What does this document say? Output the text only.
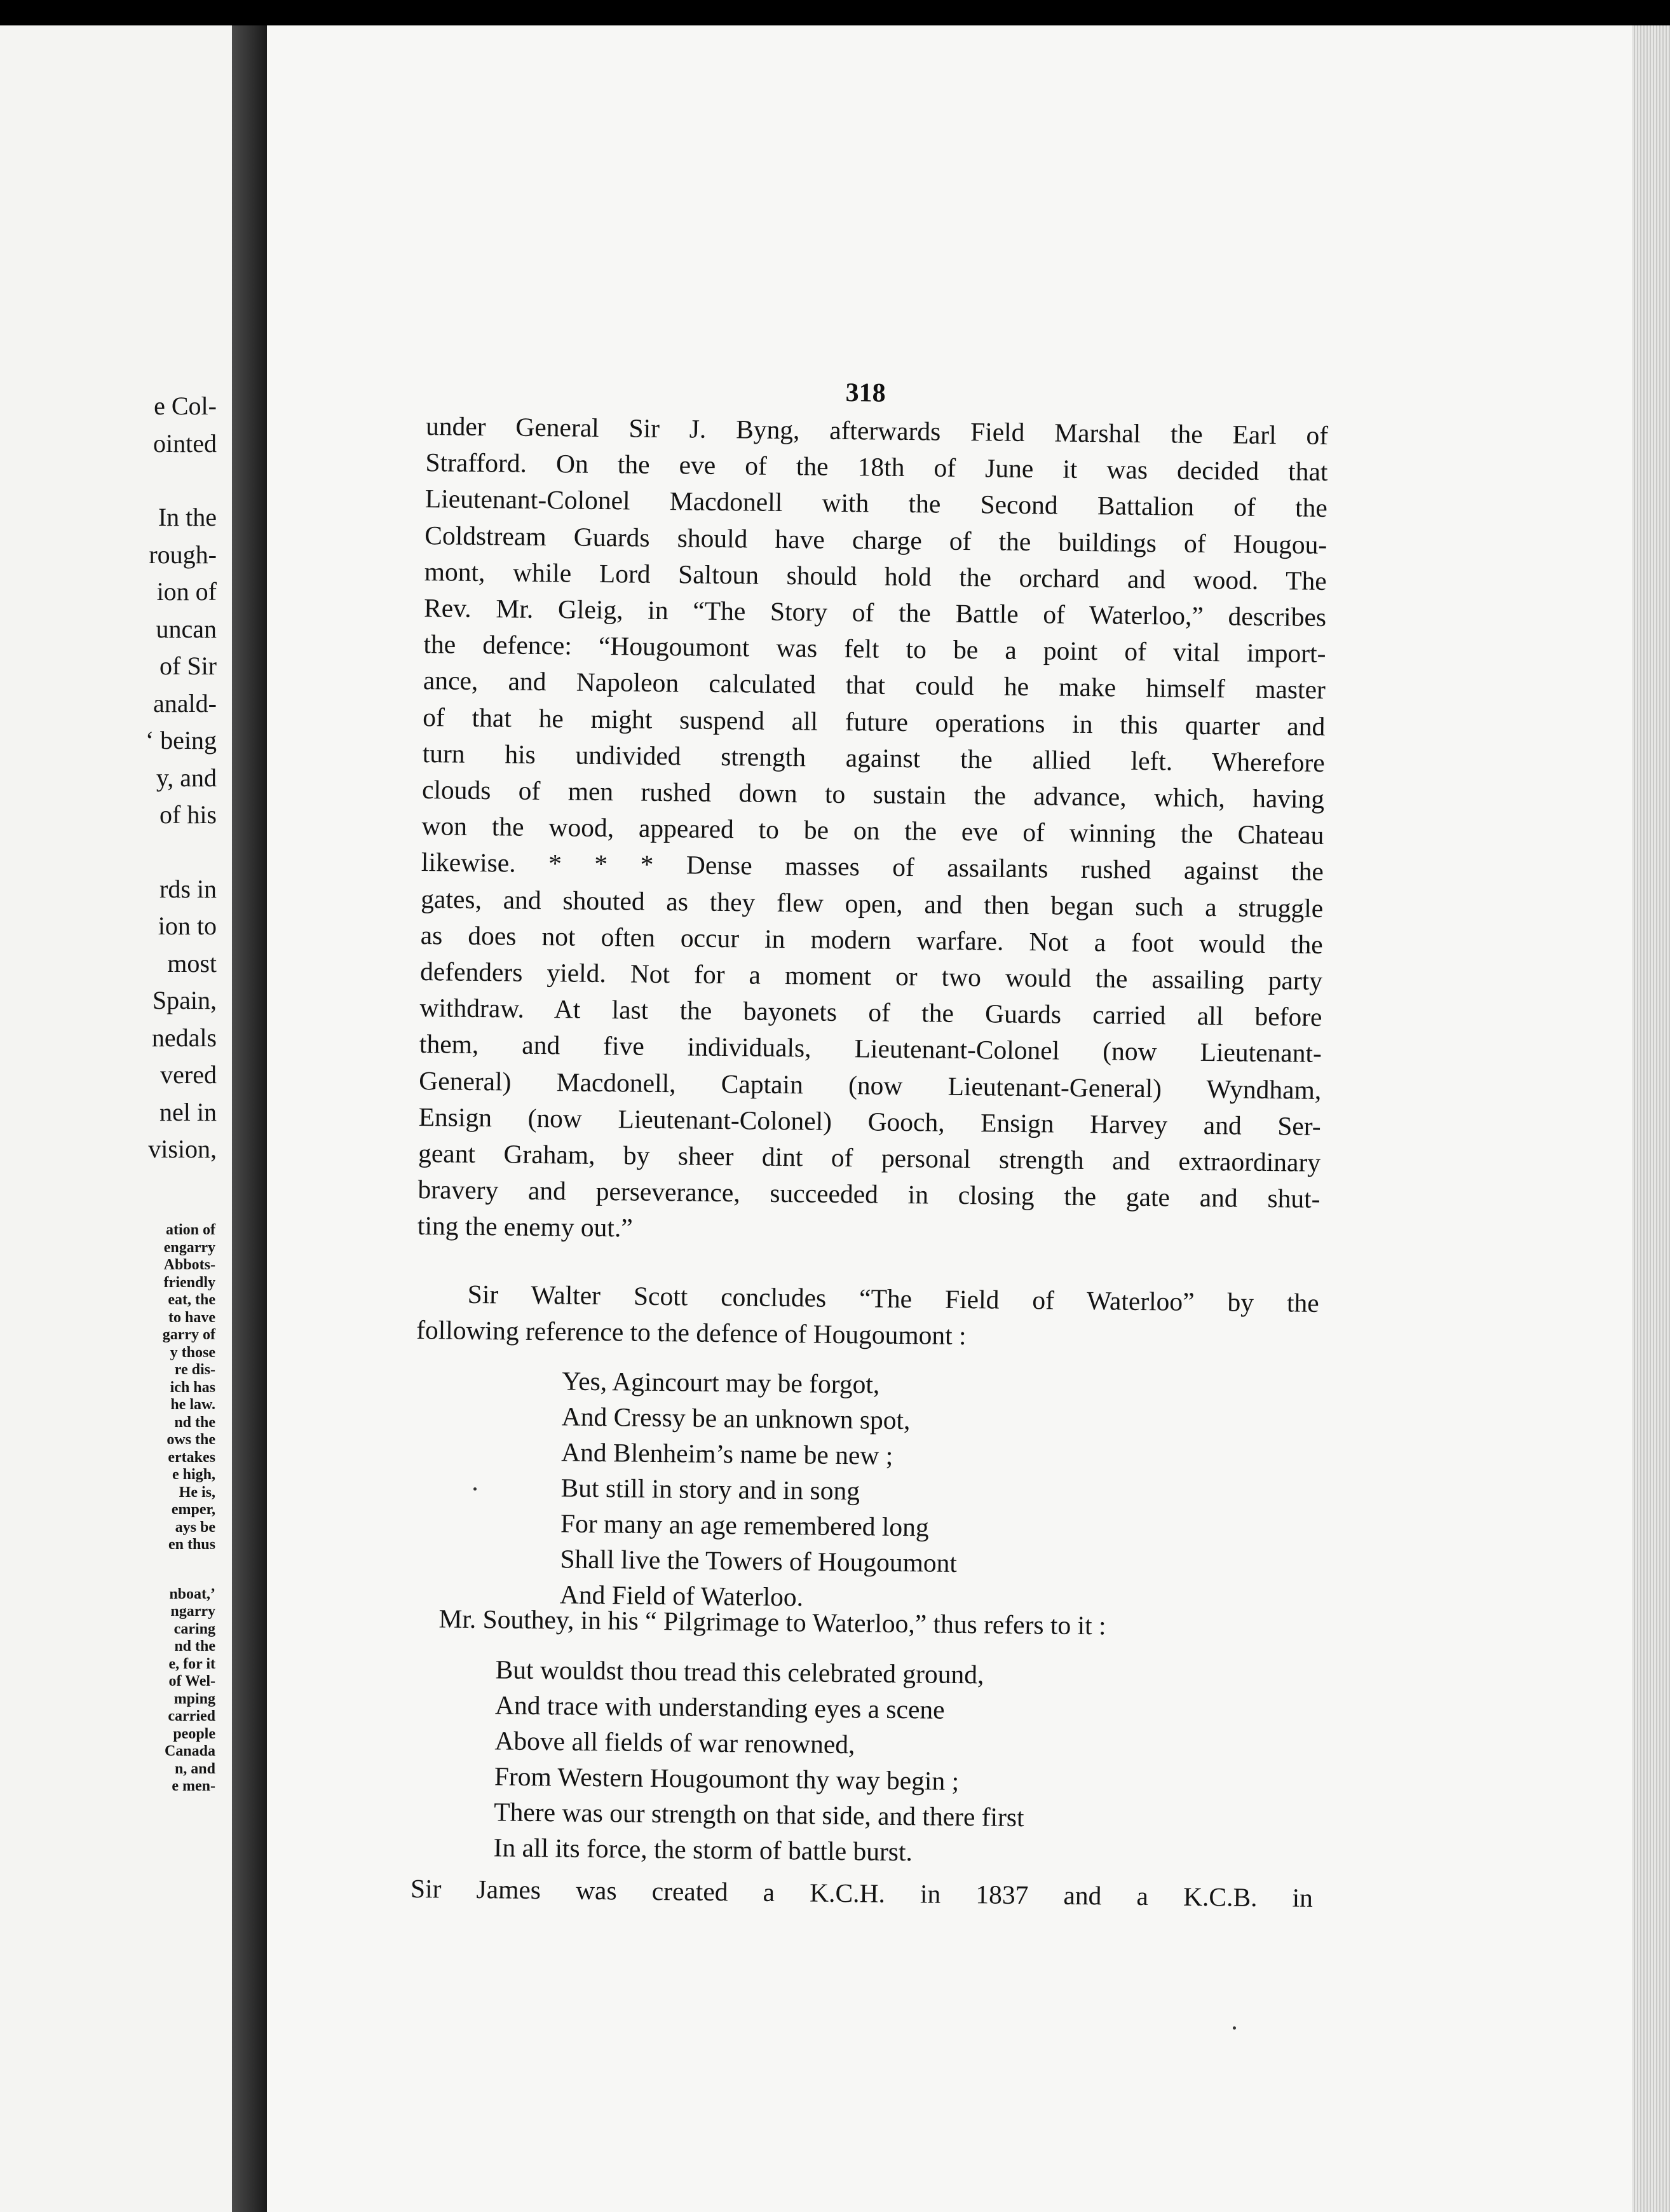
e Col-
ointed
In the
rough-
ion of
uncan
of Sir
anald-
‘ being
y, and
of his
rds in
ion to
most
Spain,
nedals
vered
nel in
vision,
ation of
engarry
Abbots-
friendly
eat, the
to have
garry of
y those
re dis-
ich has
he law.
nd the
ows the
ertakes
e high,
He is,
emper,
ays be
en thus
nboat,’
ngarry
caring
nd the
e, for it
of Wel-
mping
carried
people
Canada
n, and
e men-
318
under General Sir J. Byng, afterwards Field Marshal the Earl of
Strafford. On the eve of the 18th of June it was decided that
Lieutenant-Colonel Macdonell with the Second Battalion of the
Coldstream Guards should have charge of the buildings of Hougou-
mont, while Lord Saltoun should hold the orchard and wood. The
Rev. Mr. Gleig, in “The Story of the Battle of Waterloo,” describes
the defence: “Hougoumont was felt to be a point of vital import-
ance, and Napoleon calculated that could he make himself master
of that he might suspend all future operations in this quarter and
turn his undivided strength against the allied left. Wherefore
clouds of men rushed down to sustain the advance, which, having
won the wood, appeared to be on the eve of winning the Chateau
likewise. * * * Dense masses of assailants rushed against the
gates, and shouted as they flew open, and then began such a struggle
as does not often occur in modern warfare. Not a foot would the
defenders yield. Not for a moment or two would the assailing party
withdraw. At last the bayonets of the Guards carried all before
them, and five individuals, Lieutenant-Colonel (now Lieutenant-
General) Macdonell, Captain (now Lieutenant-General) Wyndham,
Ensign (now Lieutenant-Colonel) Gooch, Ensign Harvey and Ser-
geant Graham, by sheer dint of personal strength and extraordinary
bravery and perseverance, succeeded in closing the gate and shut-
ting the enemy out.”
Sir Walter Scott concludes “The Field of Waterloo” by the
following reference to the defence of Hougoumont :
Yes, Agincourt may be forgot,
And Cressy be an unknown spot,
And Blenheim’s name be new ;
But still in story and in song
For many an age remembered long
Shall live the Towers of Hougoumont
And Field of Waterloo.
Mr. Southey, in his “ Pilgrimage to Waterloo,” thus refers to it :
But wouldst thou tread this celebrated ground,
And trace with understanding eyes a scene
Above all fields of war renowned,
From Western Hougoumont thy way begin ;
There was our strength on that side, and there first
In all its force, the storm of battle burst.
Sir James was created a K.C.H. in 1837 and a K.C.B. in
